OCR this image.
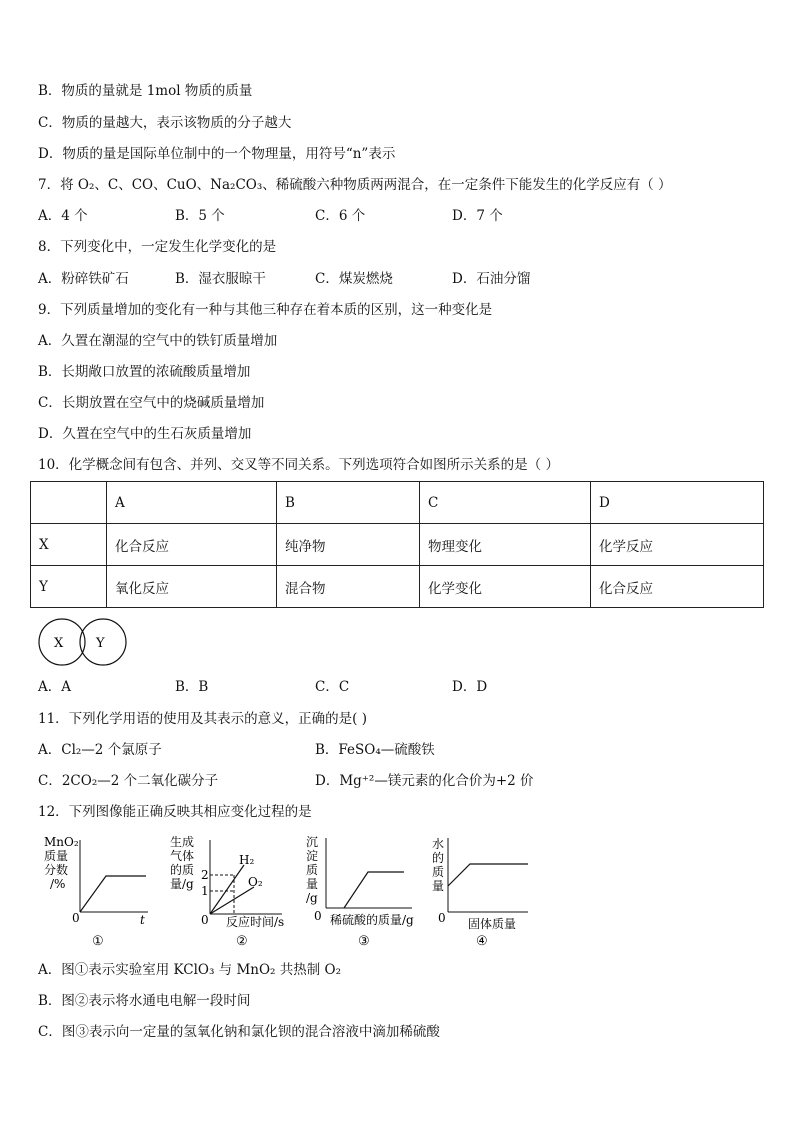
B．物质的量就是 1mol 物质的质量
C．物质的量越大，表示该物质的分子越大
D．物质的量是国际单位制中的一个物理量，用符号“n”表示
7．将 O₂、C、CO、CuO、Na₂CO₃、稀硫酸六种物质两两混合，在一定条件下能发生的化学反应有（ ）
A．4 个	B．5 个	C．6 个	D．7 个
8．下列变化中，一定发生化学变化的是
A．粉碎铁矿石	B．湿衣服晾干	C．煤炭燃烧	D．石油分馏
9．下列质量增加的变化有一种与其他三种存在着本质的区别，这一种变化是
A．久置在潮湿的空气中的铁钉质量增加
B．长期敞口放置的浓硫酸质量增加
C．长期放置在空气中的烧碱质量增加
D．久置在空气中的生石灰质量增加
10．化学概念间有包含、并列、交叉等不同关系。下列选项符合如图所示关系的是（ ）
	A	B	C	D
X	化合反应	纯净物	物理变化	化学反应
Y	氧化反应	混合物	化学变化	化合反应
X	Y
A．A	B．B	C．C	D．D
11．下列化学用语的使用及其表示的意义，正确的是( )
A．Cl₂—2 个氯原子	B．FeSO₄—硫酸铁
C．2CO₂—2 个二氧化碳分子	D．Mg⁺²—镁元素的化合价为+2 价
12．下列图像能正确反映其相应变化过程的是
MnO₂
质量
分数
/%
0	t
①
生成
气体
的质
量/g
2
1
H₂
O₂
0 反应时间/s
②
沉
淀
质
量
/g
0 稀硫酸的质量/g
③
水
的
质
量
0 固体质量
④
A．图①表示实验室用 KClO₃ 与 MnO₂ 共热制 O₂
B．图②表示将水通电电解一段时间
C．图③表示向一定量的氢氧化钠和氯化钡的混合溶液中滴加稀硫酸
